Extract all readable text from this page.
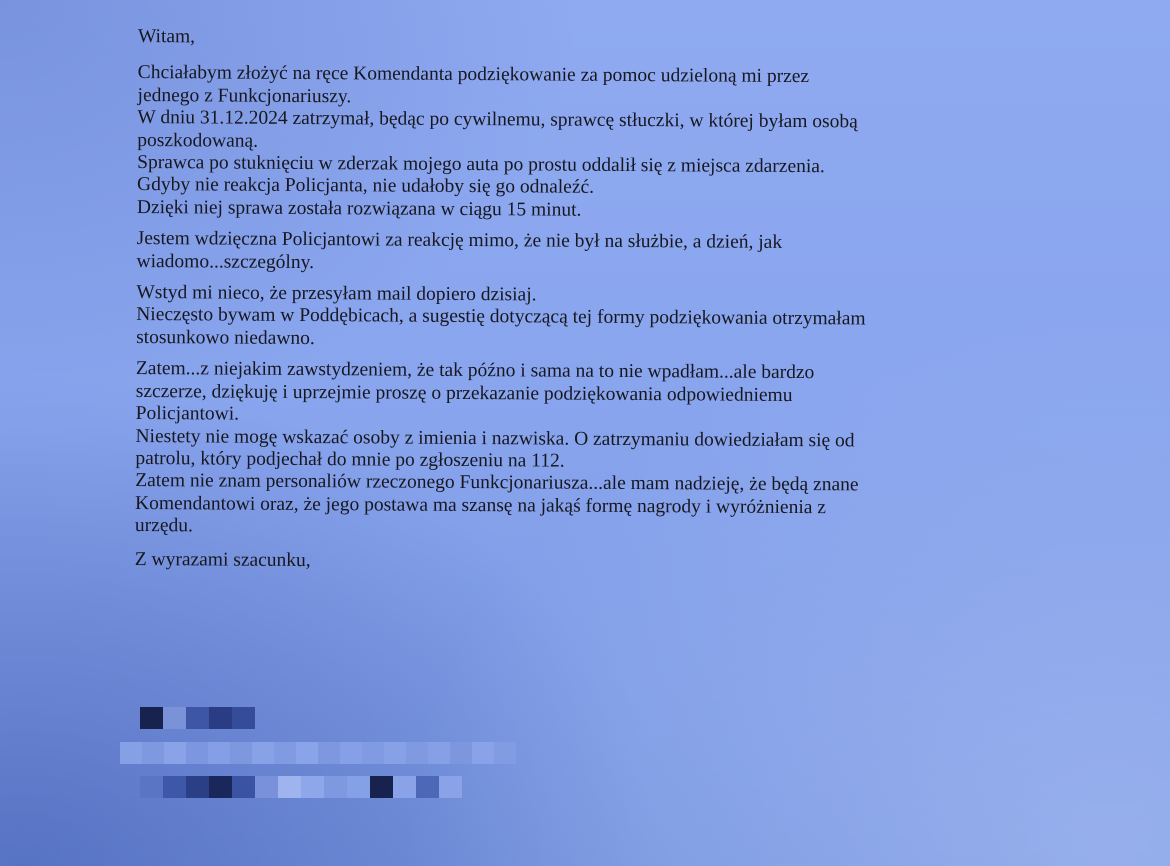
Witam,
Chciałabym złożyć na ręce Komendanta podziękowanie za pomoc udzieloną mi przez
jednego z Funkcjonariuszy.
W dniu 31.12.2024 zatrzymał, będąc po cywilnemu, sprawcę stłuczki, w której byłam osobą
poszkodowaną.
Sprawca po stuknięciu w zderzak mojego auta po prostu oddalił się z miejsca zdarzenia.
Gdyby nie reakcja Policjanta, nie udałoby się go odnaleźć.
Dzięki niej sprawa została rozwiązana w ciągu 15 minut.
Jestem wdzięczna Policjantowi za reakcję mimo, że nie był na służbie, a dzień, jak
wiadomo...szczególny.
Wstyd mi nieco, że przesyłam mail dopiero dzisiaj.
Nieczęsto bywam w Poddębicach, a sugestię dotyczącą tej formy podziękowania otrzymałam
stosunkowo niedawno.
Zatem...z niejakim zawstydzeniem, że tak późno i sama na to nie wpadłam...ale bardzo
szczerze, dziękuję i uprzejmie proszę o przekazanie podziękowania odpowiedniemu
Policjantowi.
Niestety nie mogę wskazać osoby z imienia i nazwiska. O zatrzymaniu dowiedziałam się od
patrolu, który podjechał do mnie po zgłoszeniu na 112.
Zatem nie znam personaliów rzeczonego Funkcjonariusza...ale mam nadzieję, że będą znane
Komendantowi oraz, że jego postawa ma szansę na jakąś formę nagrody i wyróżnienia z
urzędu.
Z wyrazami szacunku,
